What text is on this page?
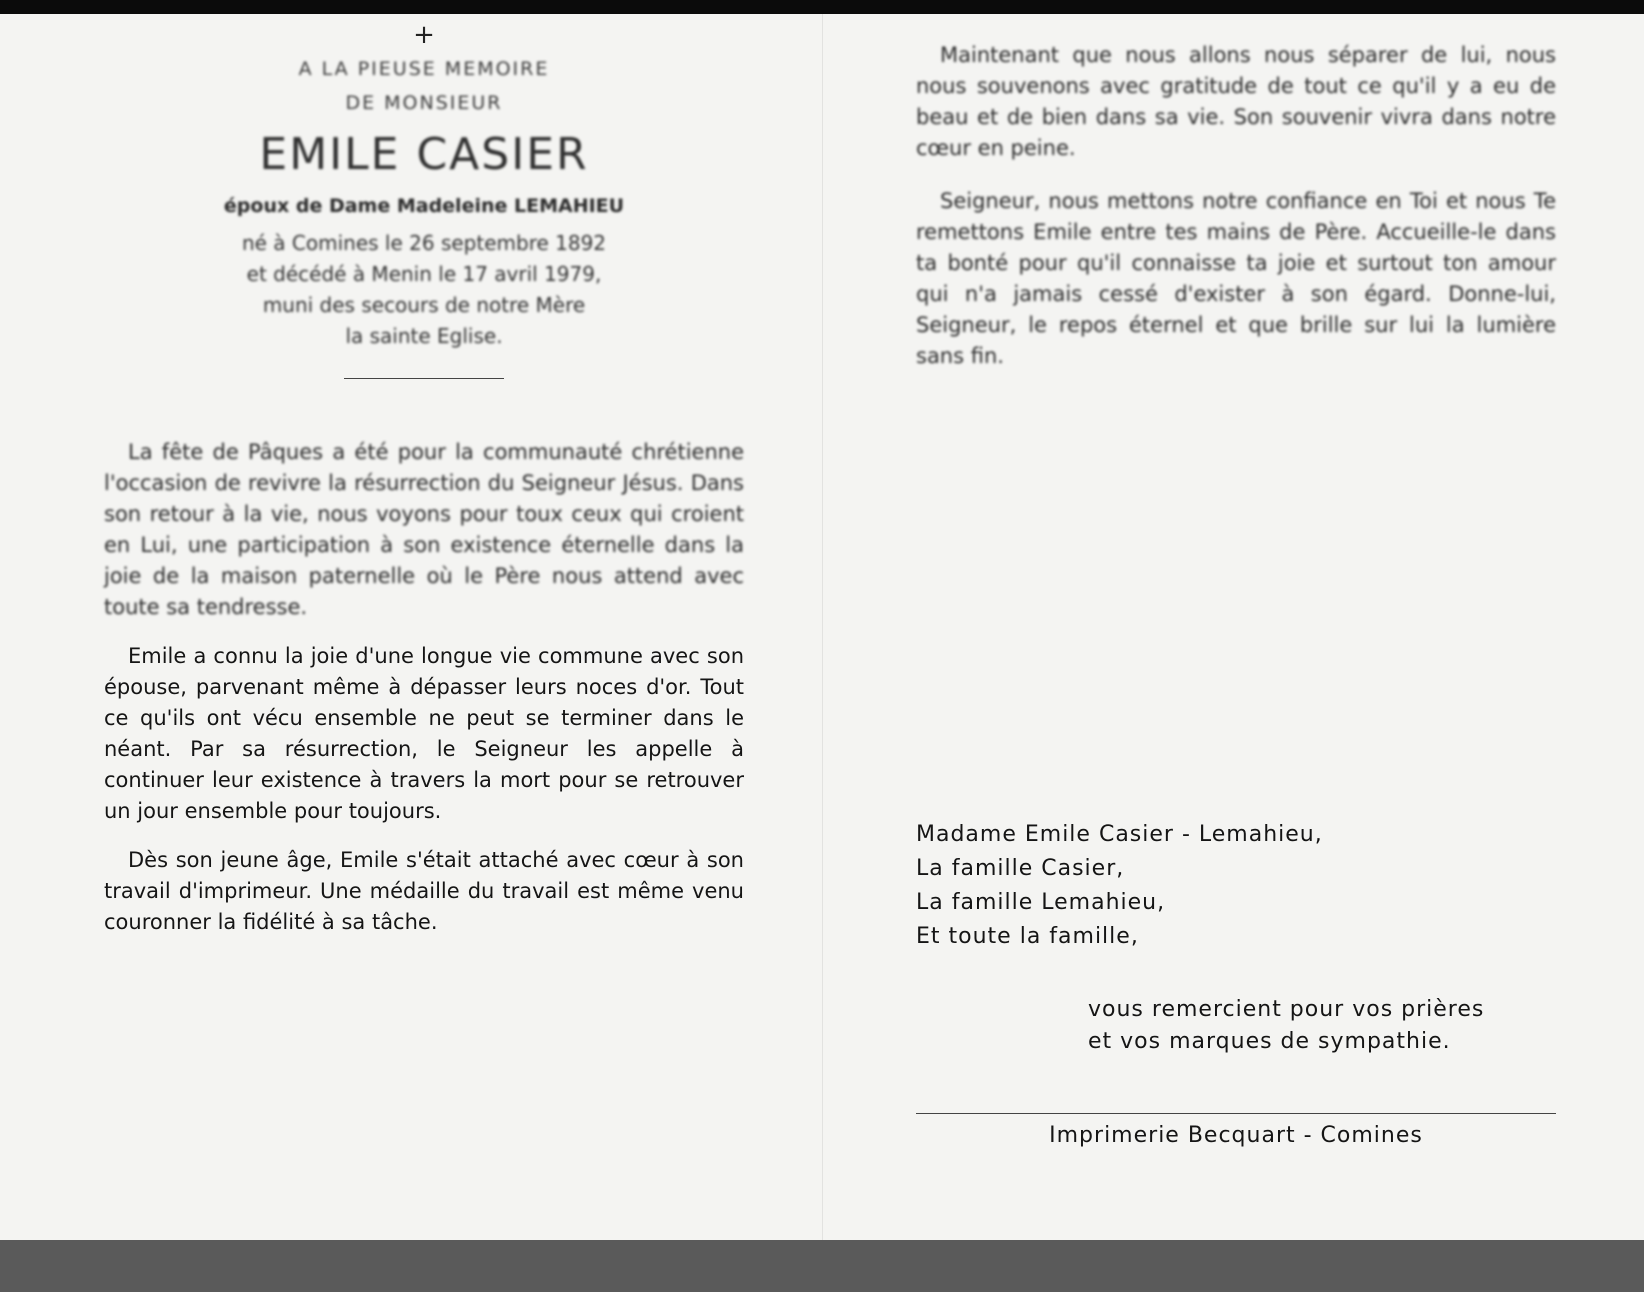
+
A LA PIEUSE MEMOIRE
DE MONSIEUR
EMILE CASIER
époux de Dame Madeleine LEMAHIEU
né à Comines le 26 septembre 1892
et décédé à Menin le 17 avril 1979,
muni des secours de notre Mère
la sainte Eglise.

La fête de Pâques a été pour la communauté chrétienne l'occasion de revivre la résurrection du Seigneur Jésus. Dans son retour à la vie, nous voyons pour toux ceux qui croient en Lui, une participation à son existence éternelle dans la joie de la maison paternelle où le Père nous attend avec toute sa tendresse.

Emile a connu la joie d'une longue vie commune avec son épouse, parvenant même à dépasser leurs noces d'or. Tout ce qu'ils ont vécu ensemble ne peut se terminer dans le néant. Par sa résurrection, le Seigneur les appelle à continuer leur existence à travers la mort pour se retrouver un jour ensemble pour toujours.

Dès son jeune âge, Emile s'était attaché avec cœur à son travail d'imprimeur. Une médaille du travail est même venu couronner la fidélité à sa tâche.

Maintenant que nous allons nous séparer de lui, nous nous souvenons avec gratitude de tout ce qu'il y a eu de beau et de bien dans sa vie. Son souvenir vivra dans notre cœur en peine.

Seigneur, nous mettons notre confiance en Toi et nous Te remettons Emile entre tes mains de Père. Accueille-le dans ta bonté pour qu'il connaisse ta joie et surtout ton amour qui n'a jamais cessé d'exister à son égard. Donne-lui, Seigneur, le repos éternel et que brille sur lui la lumière sans fin.

Madame Emile Casier - Lemahieu,
La famille Casier,
La famille Lemahieu,
Et toute la famille,
vous remercient pour vos prières
et vos marques de sympathie.
Imprimerie Becquart - Comines
